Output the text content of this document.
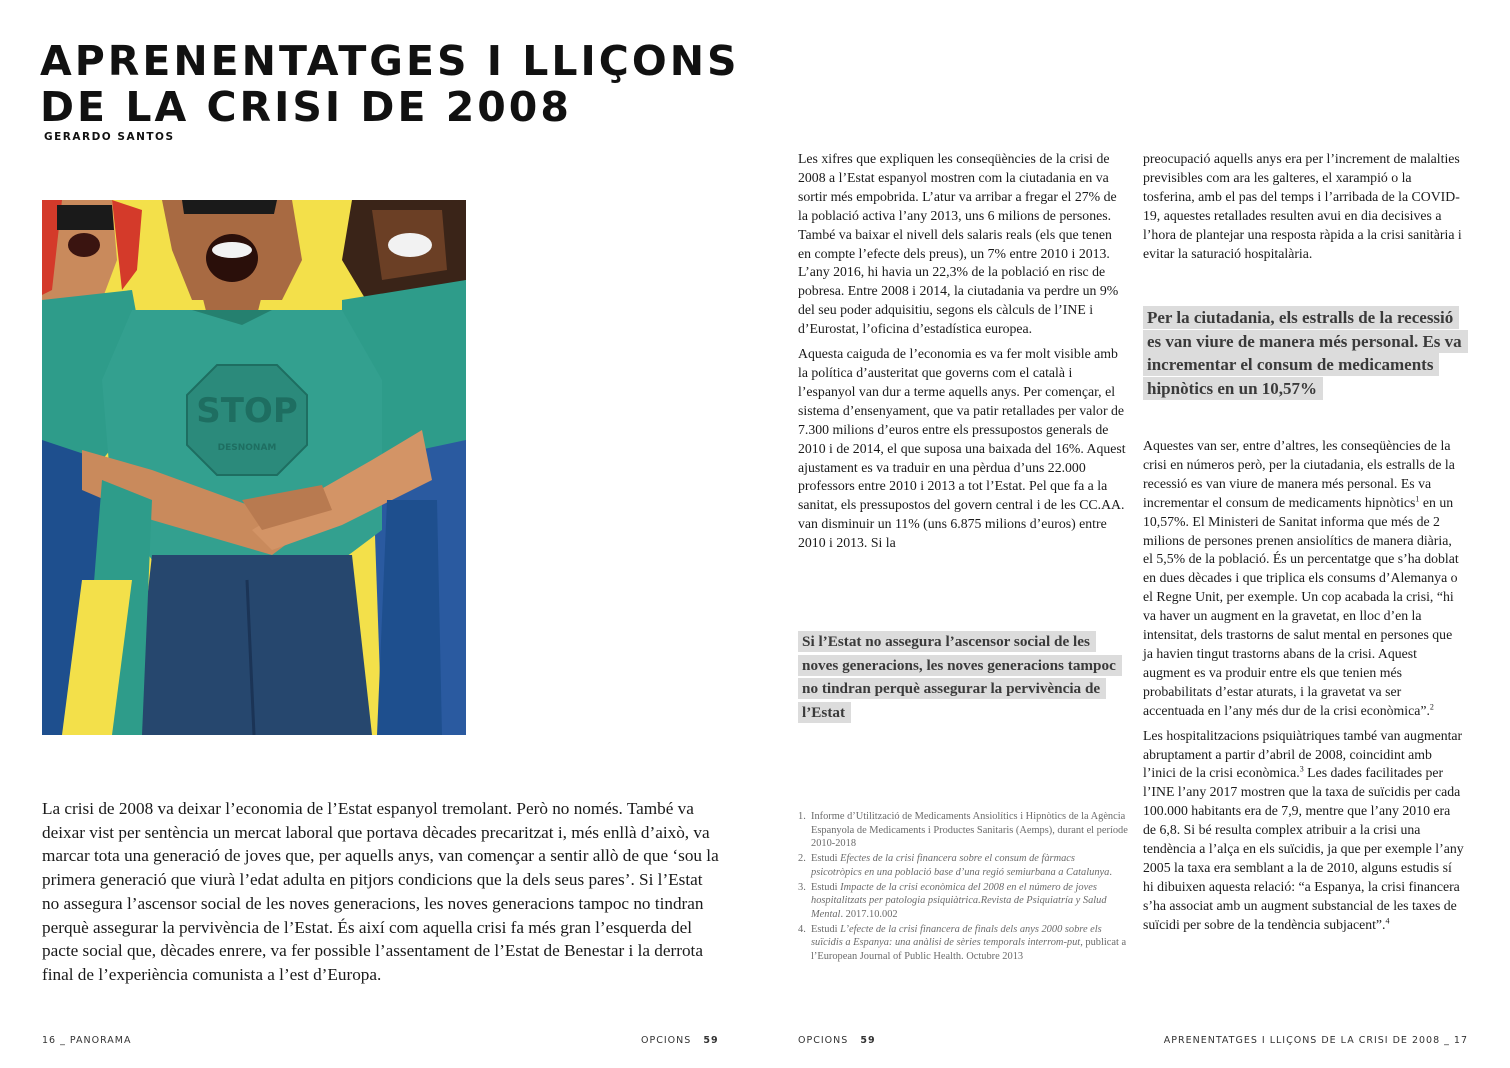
APRENENTATGES I LLIÇONS
DE LA CRISI DE 2008
GERARDO SANTOS
STOP
DESNONAM
La crisi de 2008 va deixar l’economia de l’Estat espanyol tremolant. Però no només. També va deixar vist per sentència un mercat laboral que portava dècades precaritzat i, més enllà d’això, va marcar tota una generació de joves que, per aquells anys, van començar a sentir allò de que ‘sou la primera generació que viurà l’edat adulta en pitjors condicions que la dels seus pares’. Si l’Estat no assegura l’ascensor social de les noves generacions, les noves generacions tampoc no tindran perquè assegurar la pervivència de l’Estat. És així com aquella crisi fa més gran l’esquerda del pacte social que, dècades enrere, va fer possible l’assentament de l’Estat de Benestar i la derrota final de l’experiència comunista a l’est d’Europa.

Les xifres que expliquen les conseqüències de la crisi de 2008 a l’Estat espanyol mostren com la ciutadania en va sortir més empobrida. L’atur va arribar a fregar el 27% de la població activa l’any 2013, uns 6 milions de persones. També va baixar el nivell dels salaris reals (els que tenen en compte l’efecte dels preus), un 7% entre 2010 i 2013. L’any 2016, hi havia un 22,3% de la població en risc de pobresa. Entre 2008 i 2014, la ciutadania va perdre un 9% del seu poder adquisitiu, segons els càlculs de l’INE i d’Eurostat, l’oficina d’estadística europea.

Aquesta caiguda de l’economia es va fer molt visible amb la política d’austeritat que governs com el català i l’espanyol van dur a terme aquells anys. Per començar, el sistema d’ensenyament, que va patir retallades per valor de 7.300 milions d’euros entre els pressupostos generals de 2010 i de 2014, el que suposa una baixada del 16%. Aquest ajustament es va traduir en una pèrdua d’uns 22.000 professors entre 2010 i 2013 a tot l’Estat. Pel que fa a la sanitat, els pressupostos del govern central i de les CC.AA. van disminuir un 11% (uns 6.875 milions d’euros) entre 2010 i 2013. Si la

Si l’Estat no assegura l’ascensor social de les noves generacions, les noves generacions tampoc no tindran perquè assegurar la pervivència de l’Estat
1. Informe d’Utilització de Medicaments Ansiolítics i Hipnòtics de la Agència Espanyola de Medicaments i Productes Sanitaris (Aemps), durant el període 2010-2018
2. Estudi Efectes de la crisi financera sobre el consum de fàrmacs psicotròpics en una població base d’una regió semiurbana a Catalunya.
3. Estudi Impacte de la crisi econòmica del 2008 en el número de joves hospitalitzats per patologia psiquiàtrica.Revista de Psiquiatría y Salud Mental. 2017.10.002
4. Estudi L’efecte de la crisi financera de finals dels anys 2000 sobre els suïcidis a Espanya: una anàlisi de sèries temporals interrom-put, publicat a l’European Journal of Public Health. Octubre 2013

preocupació aquells anys era per l’increment de malalties previsibles com ara les galteres, el xarampió o la tosferina, amb el pas del temps i l’arribada de la COVID-19, aquestes retallades resulten avui en dia decisives a l’hora de plantejar una resposta ràpida a la crisi sanitària i evitar la saturació hospitalària.

Per la ciutadania, els estralls de la recessió es van viure de manera més personal. Es va incrementar el consum de medicaments hipnòtics en un 10,57%

Aquestes van ser, entre d’altres, les conseqüències de la crisi en números però, per la ciutadania, els estralls de la recessió es van viure de manera més personal. Es va incrementar el consum de medicaments hipnòtics$^1$ en un 10,57%. El Ministeri de Sanitat informa que més de 2 milions de persones prenen ansiolítics de manera diària, el 5,5% de la població. És un percentatge que s’ha doblat en dues dècades i que triplica els consums d’Alemanya o el Regne Unit, per exemple. Un cop acabada la crisi, “hi va haver un augment en la gravetat, en lloc d’en la intensitat, dels trastorns de salut mental en persones que ja havien tingut trastorns abans de la crisi. Aquest augment es va produir entre els que tenien més probabilitats d’estar aturats, i la gravetat va ser accentuada en l’any més dur de la crisi econòmica”.$^2$

Les hospitalitzacions psiquiàtriques també van augmentar abruptament a partir d’abril de 2008, coincidint amb l’inici de la crisi econòmica.$^3$ Les dades facilitades per l’INE l’any 2017 mostren que la taxa de suïcidis per cada 100.000 habitants era de 7,9, mentre que l’any 2010 era de 6,8. Si bé resulta complex atribuir a la crisi una tendència a l’alça en els suïcidis, ja que per exemple l’any 2005 la taxa era semblant a la de 2010, alguns estudis sí hi dibuixen aquesta relació: “a Espanya, la crisi financera s’ha associat amb un augment substancial de les taxes de suïcidi per sobre de la tendència subjacent”.$^4$

16 _ PANORAMA	OPCIONS 59	OPCIONS 59	APRENENTATGES I LLIÇONS DE LA CRISI DE 2008 _ 17
